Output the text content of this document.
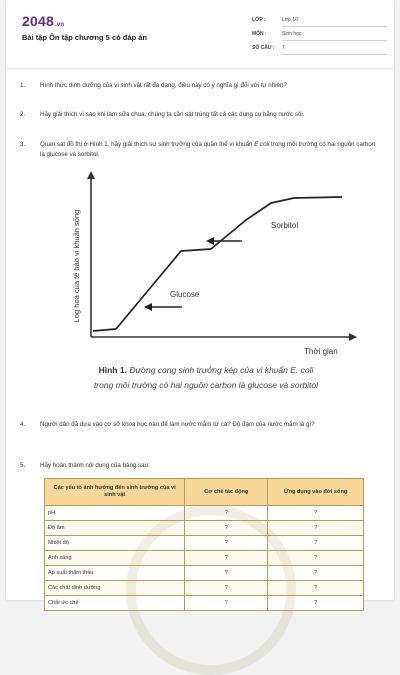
2048.vn
Bài tập Ôn tập chương 5 có đáp án
LỚP :	Lớp 10
MÔN :	Sinh học
SỐ CÂU : 7
1.	Hình thức dinh dưỡng của vi sinh vật rất đa dạng, điều này có ý nghĩa gì đối với tự nhiên?
2.	Hãy giải thích vì sao khi làm sữa chua, chúng ta cần sát trùng tất cả các dụng cụ bằng nước sôi.
3.	Quan sát đồ thị ở Hình 1, hãy giải thích sự sinh trưởng của quần thể vi khuẩn E.coli trong môi trường có hai nguồn carbon là glucose và sorbitol.
Log hoá của tế bào vi khuẩn sống
Thời gian
Sorbitol
Glucose
Hình 1. Đường cong sinh trưởng kép của vi khuẩn E. coli
trong môi trường có hai nguồn carbon là glucose và sorbitol
4.	Người dân đã dựa vào cơ sở khoa học nào để làm nước mắm từ cá? Độ đạm của nước mắm là gì?
5.	Hãy hoàn thành nội dung của bảng sau:
Các yếu tố ảnh hưởng đến sinh trưởng của vi sinh vật	Cơ chế tác động	Ứng dụng vào đời sống
pH	?	?
Độ ẩm	?	?
Nhiệt độ	?	?
Ánh sáng	?	?
Áp suất thẩm thấu	?	?
Các chất dinh dưỡng	?	?
Chất ức chế	?	?
